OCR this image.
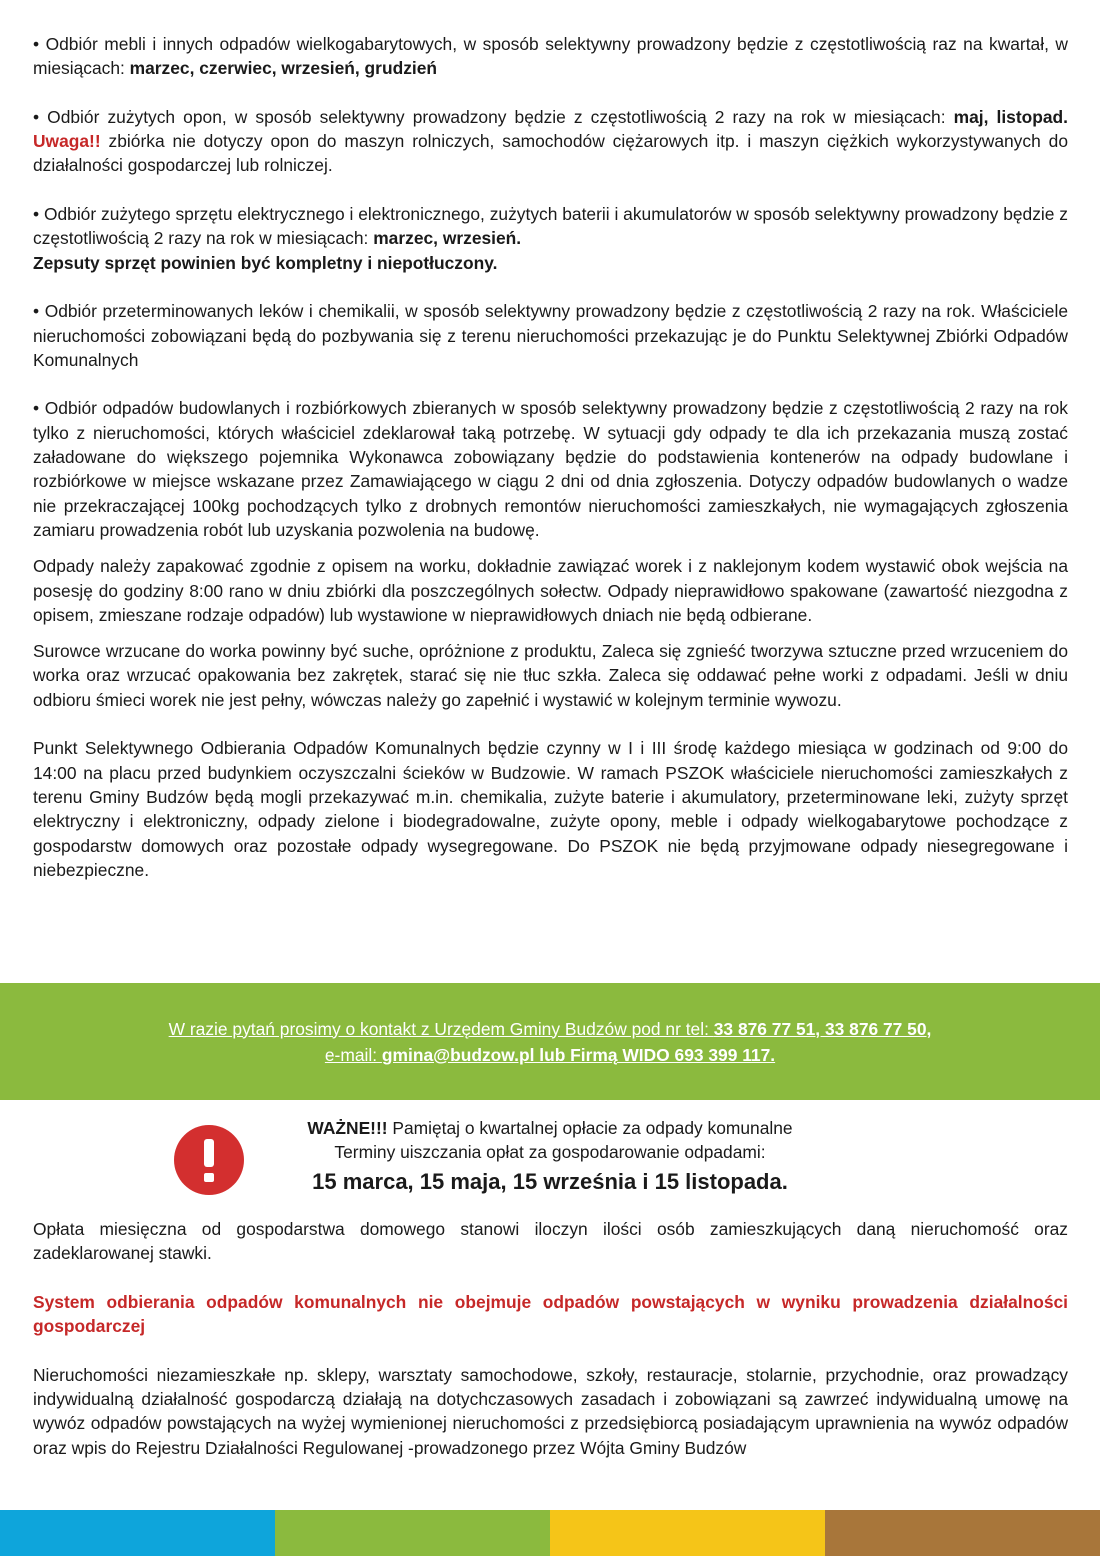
• Odbiór mebli i innych odpadów wielkogabarytowych, w sposób selektywny prowadzony będzie z częstotliwością raz na kwartał, w miesiącach: marzec, czerwiec, wrzesień, grudzień

• Odbiór zużytych opon, w sposób selektywny prowadzony będzie z częstotliwością 2 razy na rok w miesiącach: maj, listopad. Uwaga!! zbiórka nie dotyczy opon do maszyn rolniczych, samochodów ciężarowych itp. i maszyn ciężkich wykorzystywanych do działalności gospodarczej lub rolniczej.

• Odbiór zużytego sprzętu elektrycznego i elektronicznego, zużytych baterii i akumulatorów w sposób selektywny prowadzony będzie z częstotliwością 2 razy na rok w miesiącach: marzec, wrzesień.
Zepsuty sprzęt powinien być kompletny i niepotłuczony.

• Odbiór przeterminowanych leków i chemikalii, w sposób selektywny prowadzony będzie z częstotliwością 2 razy na rok. Właściciele nieruchomości zobowiązani będą do pozbywania się z terenu nieruchomości przekazując je do Punktu Selektywnej Zbiórki Odpadów Komunalnych

• Odbiór odpadów budowlanych i rozbiórkowych zbieranych w sposób selektywny prowadzony będzie z częstotliwością 2 razy na rok tylko z nieruchomości, których właściciel zdeklarował taką potrzebę. W sytuacji gdy odpady te dla ich przekazania muszą zostać załadowane do większego pojemnika Wykonawca zobowiązany będzie do podstawienia kontenerów na odpady budowlane i rozbiórkowe w miejsce wskazane przez Zamawiającego w ciągu 2 dni od dnia zgłoszenia. Dotyczy odpadów budowlanych o wadze nie przekraczającej 100kg pochodzących tylko z drobnych remontów nieruchomości zamieszkałych, nie wymagających zgłoszenia zamiaru prowadzenia robót lub uzyskania pozwolenia na budowę.

Odpady należy zapakować zgodnie z opisem na worku, dokładnie zawiązać worek i z naklejonym kodem wystawić obok wejścia na posesję do godziny 8:00 rano w dniu zbiórki dla poszczególnych sołectw. Odpady nieprawidłowo spakowane (zawartość niezgodna z opisem, zmieszane rodzaje odpadów) lub wystawione w nieprawidłowych dniach nie będą odbierane.

Surowce wrzucane do worka powinny być suche, opróżnione z produktu, Zaleca się zgnieść tworzywa sztuczne przed wrzuceniem do worka oraz wrzucać opakowania bez zakrętek, starać się nie tłuc szkła. Zaleca się oddawać pełne worki z odpadami. Jeśli w dniu odbioru śmieci worek nie jest pełny, wówczas należy go zapełnić i wystawić w kolejnym terminie wywozu.

Punkt Selektywnego Odbierania Odpadów Komunalnych będzie czynny w I i III środę każdego miesiąca w godzinach od 9:00 do 14:00 na placu przed budynkiem oczyszczalni ścieków w Budzowie. W ramach PSZOK właściciele nieruchomości zamieszkałych z terenu Gminy Budzów będą mogli przekazywać m.in. chemikalia, zużyte baterie i akumulatory, przeterminowane leki, zużyty sprzęt elektryczny i elektroniczny, odpady zielone i biodegradowalne, zużyte opony, meble i odpady wielkogabarytowe pochodzące z gospodarstw domowych oraz pozostałe odpady wysegregowane. Do PSZOK nie będą przyjmowane odpady niesegregowane i niebezpieczne.

W razie pytań prosimy o kontakt z Urzędem Gminy Budzów pod nr tel: 33 876 77 51, 33 876 77 50,
e-mail: gmina@budzow.pl lub Firmą WIDO 693 399 117.
WAŻNE!!! Pamiętaj o kwartalnej opłacie za odpady komunalne
Terminy uiszczania opłat za gospodarowanie odpadami:
15 marca, 15 maja, 15 września i 15 listopada.

Opłata miesięczna od gospodarstwa domowego stanowi iloczyn ilości osób zamieszkujących daną nieruchomość oraz zadeklarowanej stawki.

System odbierania odpadów komunalnych nie obejmuje odpadów powstających w wyniku prowadzenia działalności gospodarczej

Nieruchomości niezamieszkałe np. sklepy, warsztaty samochodowe, szkoły, restauracje, stolarnie, przychodnie, oraz prowadzący indywidualną działalność gospodarczą działają na dotychczasowych zasadach i zobowiązani są zawrzeć indywidualną umowę na wywóz odpadów powstających na wyżej wymienionej nieruchomości z przedsiębiorcą posiadającym uprawnienia na wywóz odpadów oraz wpis do Rejestru Działalności Regulowanej -prowadzonego przez Wójta Gminy Budzów
